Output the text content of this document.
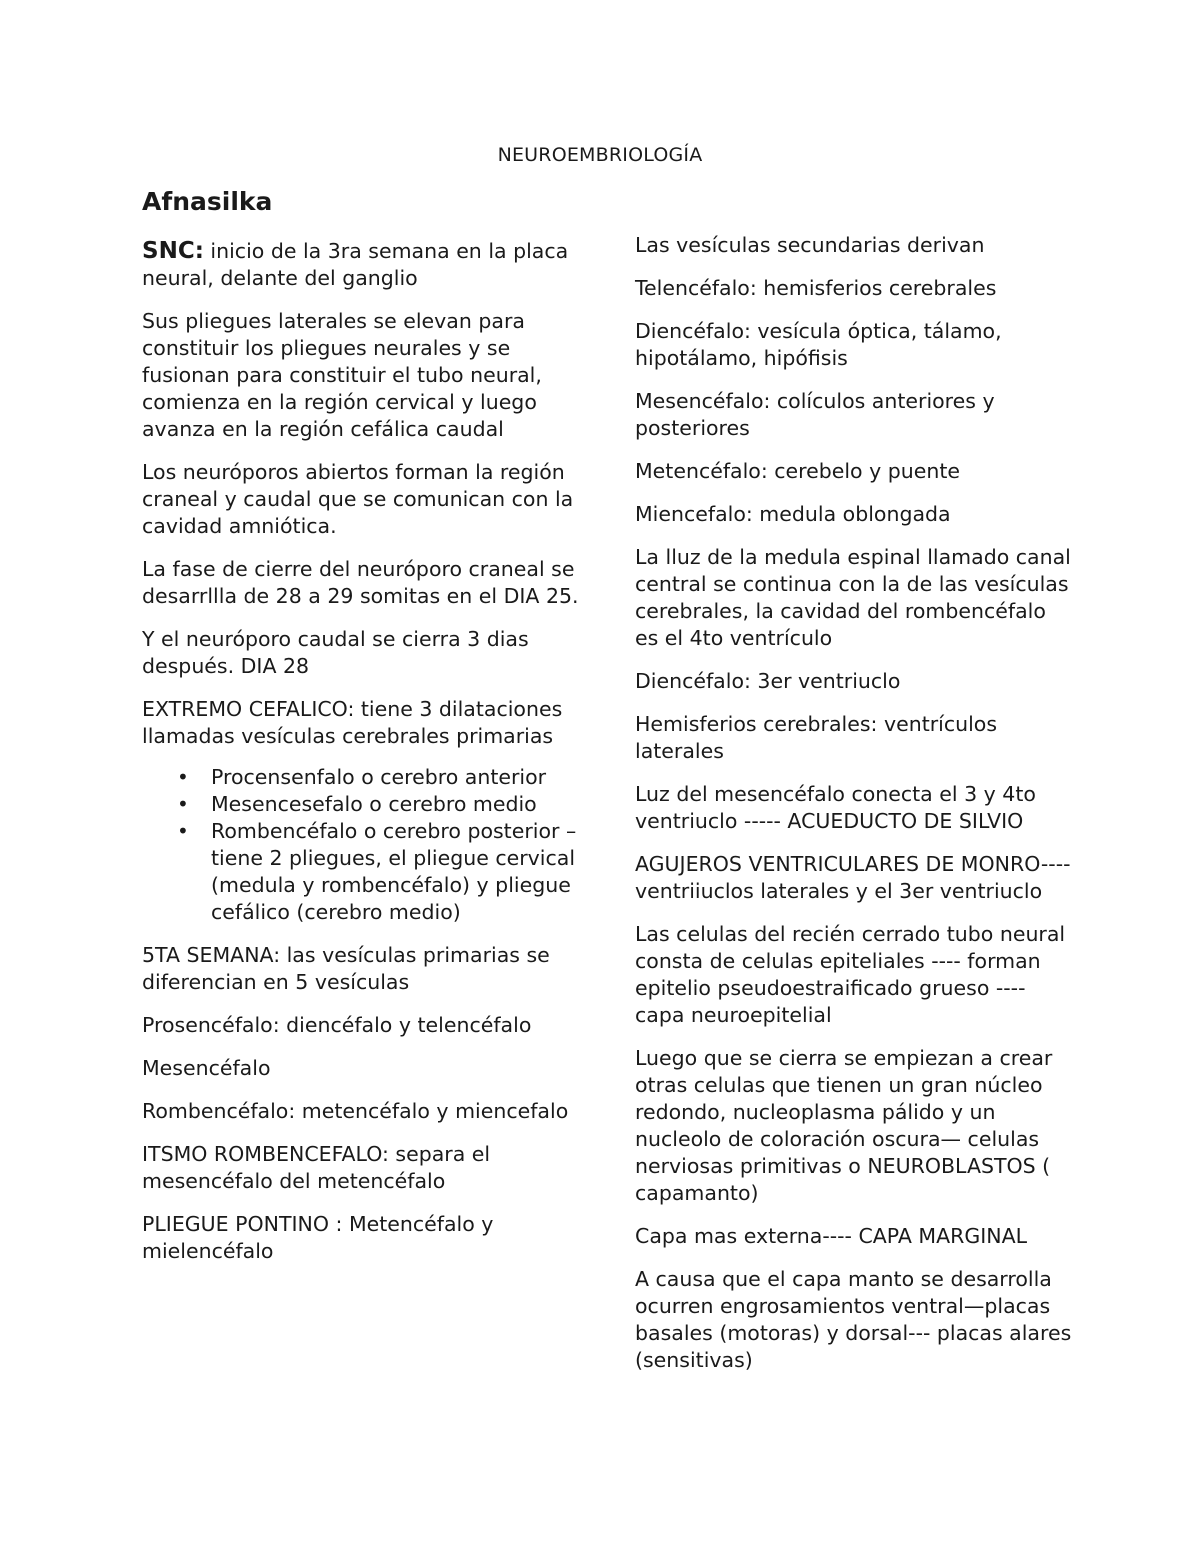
NEUROEMBRIOLOGÍA
Afnasilka

SNC: inicio de la 3ra semana en la placa neural, delante del ganglio

Sus pliegues laterales se elevan para constituir los pliegues neurales y se fusionan para constituir el tubo neural, comienza en la región cervical y luego avanza en la región cefálica caudal

Los neuróporos abiertos forman la región craneal y caudal que se comunican con la cavidad amniótica.

La fase de cierre del neuróporo craneal se desarrllla de 28 a 29 somitas en el DIA 25.

Y el neuróporo caudal se cierra 3 dias después. DIA 28

EXTREMO CEFALICO: tiene 3 dilataciones llamadas vesículas cerebrales primarias

• Procensenfalo o cerebro anterior
• Mesencesefalo o cerebro medio
• Rombencéfalo o cerebro posterior – tiene 2 pliegues, el pliegue cervical (medula y rombencéfalo) y pliegue cefálico (cerebro medio)

5TA SEMANA: las vesículas primarias se diferencian en 5 vesículas

Prosencéfalo: diencéfalo y telencéfalo

Mesencéfalo

Rombencéfalo: metencéfalo y miencefalo

ITSMO ROMBENCEFALO: separa el mesencéfalo del metencéfalo

PLIEGUE PONTINO : Metencéfalo y mielencéfalo

Las vesículas secundarias derivan

Telencéfalo: hemisferios cerebrales

Diencéfalo: vesícula óptica, tálamo, hipotálamo, hipófisis

Mesencéfalo: colículos anteriores y posteriores

Metencéfalo: cerebelo y puente

Miencefalo: medula oblongada

La lluz de la medula espinal llamado canal central se continua con la de las vesículas cerebrales, la cavidad del rombencéfalo es el 4to ventrículo

Diencéfalo: 3er ventriuclo

Hemisferios cerebrales: ventrículos laterales

Luz del mesencéfalo conecta el 3 y 4to ventriuclo ----- ACUEDUCTO DE SILVIO

AGUJEROS VENTRICULARES DE MONRO---- ventriiuclos laterales y el 3er ventriuclo

Las celulas del recién cerrado tubo neural consta de celulas epiteliales ---- forman epitelio pseudoestraificado grueso ---- capa neuroepitelial

Luego que se cierra se empiezan a crear otras celulas que tienen un gran núcleo redondo, nucleoplasma pálido y un nucleolo de coloración oscura— celulas nerviosas primitivas o NEUROBLASTOS ( capamanto)

Capa mas externa---- CAPA MARGINAL

A causa que el capa manto se desarrolla ocurren engrosamientos ventral—placas basales (motoras) y dorsal--- placas alares (sensitivas)
